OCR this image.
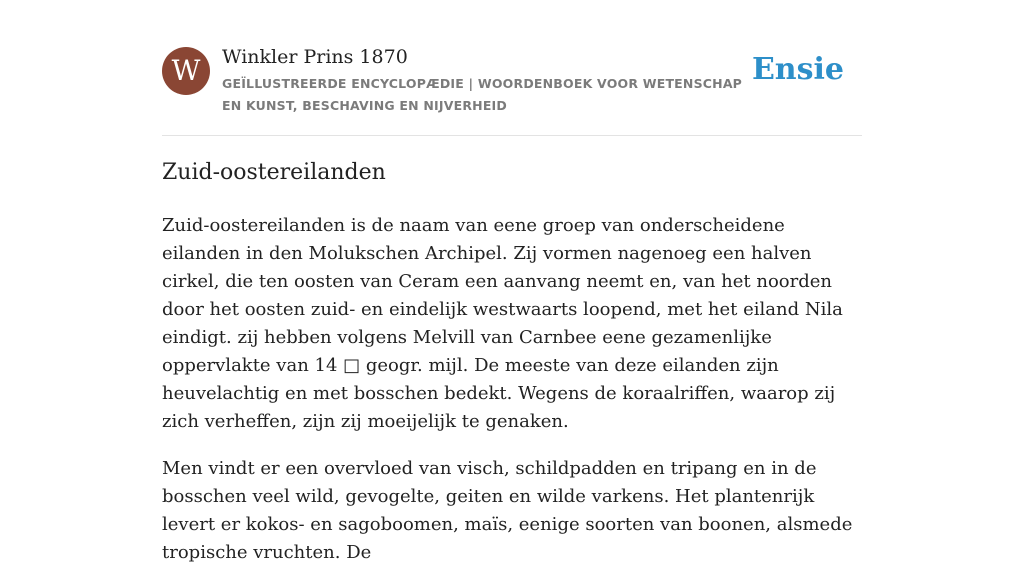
W	Winkler Prins 1870
GEÏLLUSTREERDE ENCYCLOPÆDIE | WOORDENBOEK VOOR WETENSCHAP EN KUNST, BESCHAVING EN NIJVERHEID
Ensie
Zuid-oostereilanden

Zuid-oostereilanden is de naam van eene groep van onderscheidene eilanden in den Molukschen Archipel. Zij vormen nagenoeg een halven cirkel, die ten oosten van Ceram een aanvang neemt en, van het noorden door het oosten zuid- en eindelijk westwaarts loopend, met het eiland Nila eindigt. zij hebben volgens Melvill van Carnbee eene gezamenlijke oppervlakte van 14 □ geogr. mijl. De meeste van deze eilanden zijn heuvelachtig en met bosschen bedekt. Wegens de koraalriffen, waarop zij zich verheffen, zijn zij moeijelijk te genaken.

Men vindt er een overvloed van visch, schildpadden en tripang en in de bosschen veel wild, gevogelte, geiten en wilde varkens. Het plantenrijk levert er kokos- en sagoboomen, maïs, eenige soorten van boonen, alsmede tropische vruchten. De
